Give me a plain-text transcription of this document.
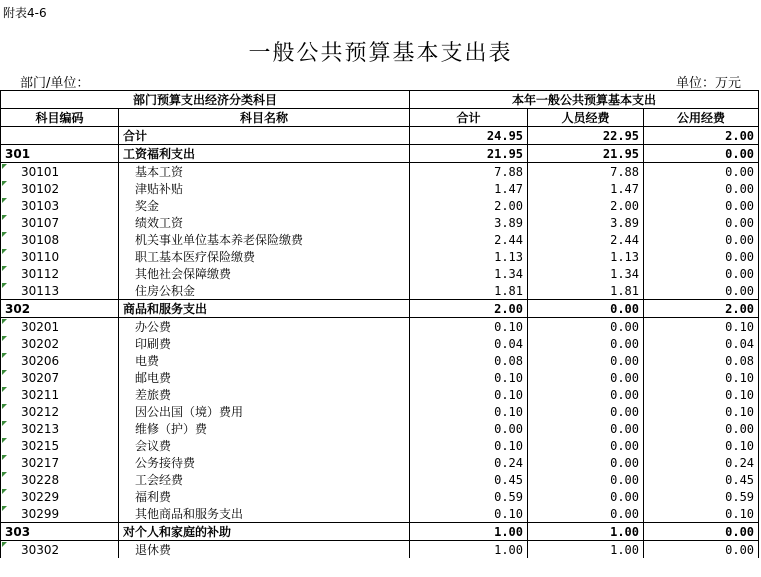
附表4-6
一般公共预算基本支出表
部门/单位：	单位：万元
部门预算支出经济分类科目		本年一般公共预算基本支出		
科目编码	科目名称	合计	人员经费	公用经费
	合计	24.95	22.95	2.00
301	工资福利支出	21.95	21.95	0.00
30101	基本工资	7.88	7.88	0.00
30102	津贴补贴	1.47	1.47	0.00
30103	奖金	2.00	2.00	0.00
30107	绩效工资	3.89	3.89	0.00
30108	机关事业单位基本养老保险缴费	2.44	2.44	0.00
30110	职工基本医疗保险缴费	1.13	1.13	0.00
30112	其他社会保障缴费	1.34	1.34	0.00
30113	住房公积金	1.81	1.81	0.00
302	商品和服务支出	2.00	0.00	2.00
30201	办公费	0.10	0.00	0.10
30202	印刷费	0.04	0.00	0.04
30206	电费	0.08	0.00	0.08
30207	邮电费	0.10	0.00	0.10
30211	差旅费	0.10	0.00	0.10
30212	因公出国（境）费用	0.10	0.00	0.10
30213	维修（护）费	0.00	0.00	0.00
30215	会议费	0.10	0.00	0.10
30217	公务接待费	0.24	0.00	0.24
30228	工会经费	0.45	0.00	0.45
30229	福利费	0.59	0.00	0.59
30299	其他商品和服务支出	0.10	0.00	0.10
303	对个人和家庭的补助	1.00	1.00	0.00
30302	退休费	1.00	1.00	0.00
